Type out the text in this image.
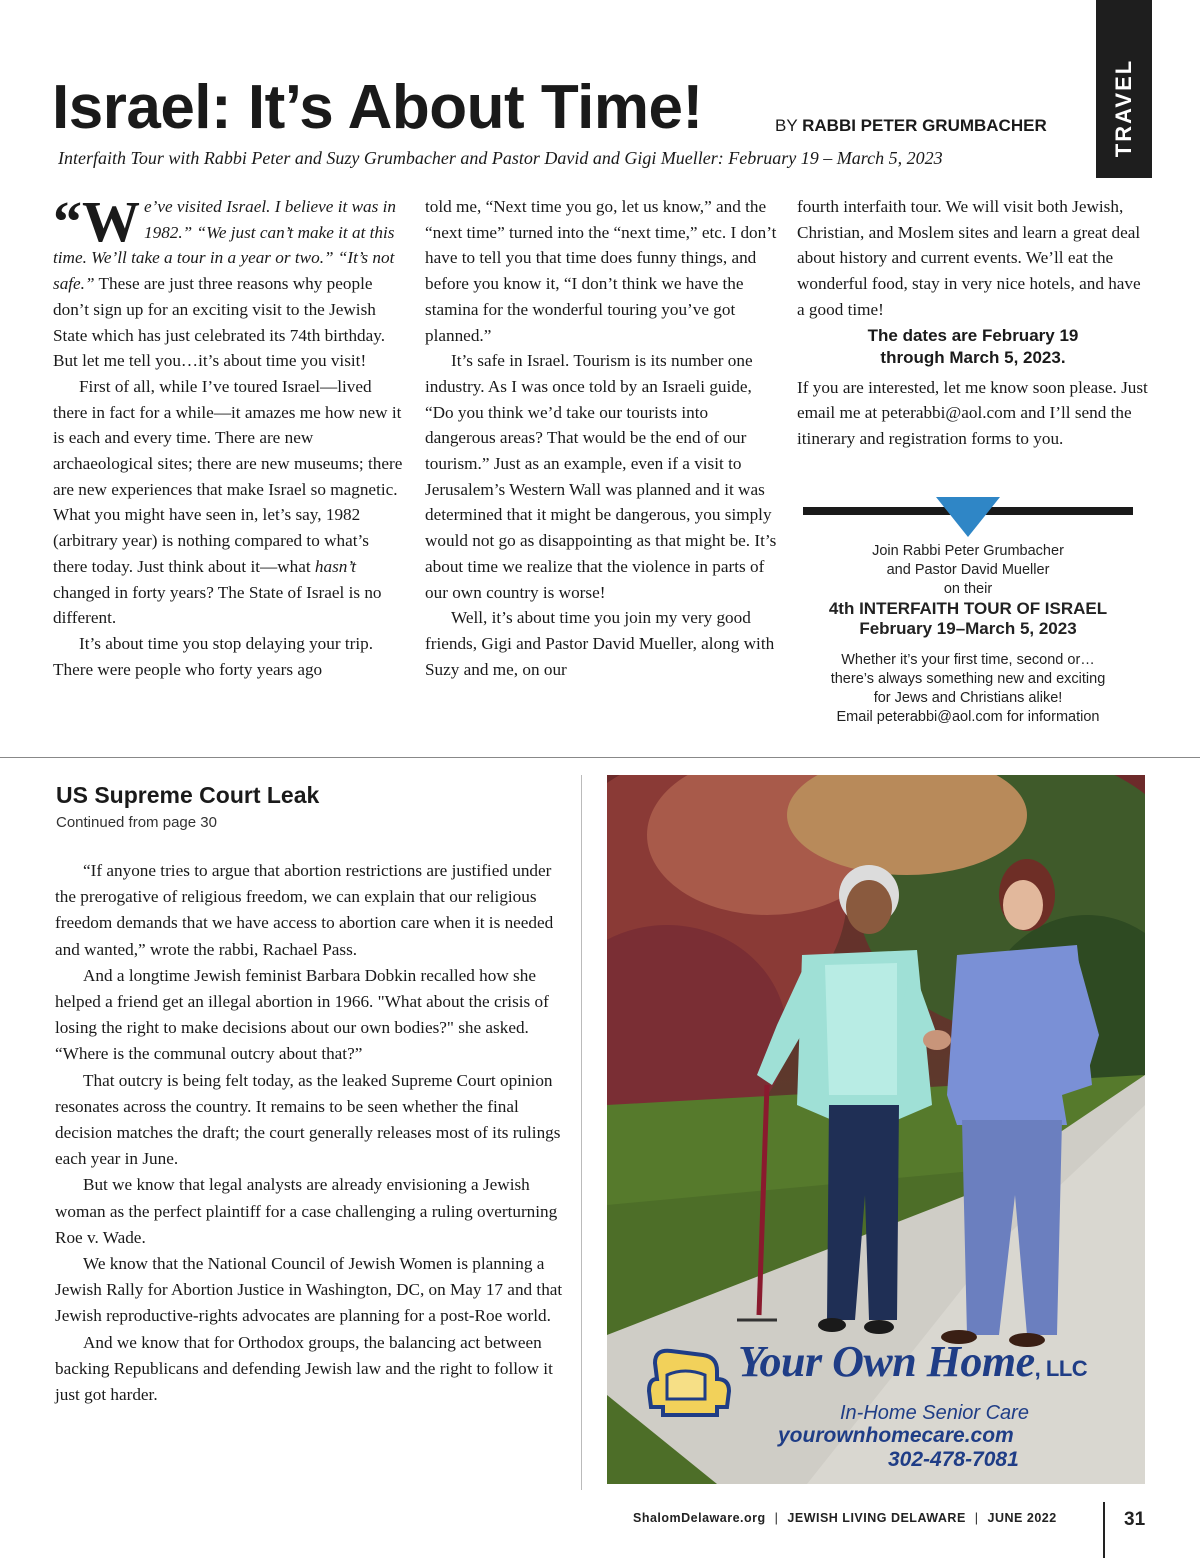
TRAVEL
Israel: It’s About Time!	BY RABBI PETER GRUMBACHER
Interfaith Tour with Rabbi Peter and Suzy Grumbacher and Pastor David and Gigi Mueller: February 19 – March 5, 2023

“We’ve visited Israel. I believe it was in 1982.” “We just can’t make it at this time. We’ll take a tour in a year or two.” “It’s not safe.” These are just three reasons why people don’t sign up for an exciting visit to the Jewish State which has just celebrated its 74th birthday. But let me tell you…it’s about time you visit!

First of all, while I’ve toured Israel—lived there in fact for a while—it amazes me how new it is each and every time. There are new archaeological sites; there are new museums; there are new experiences that make Israel so magnetic. What you might have seen in, let’s say, 1982 (arbitrary year) is nothing compared to what’s there today. Just think about it—what hasn’t changed in forty years? The State of Israel is no different.

It’s about time you stop delaying your trip. There were people who forty years ago

told me, “Next time you go, let us know,” and the “next time” turned into the “next time,” etc. I don’t have to tell you that time does funny things, and before you know it, “I don’t think we have the stamina for the wonderful touring you’ve got planned.”

It’s safe in Israel. Tourism is its number one industry. As I was once told by an Israeli guide, “Do you think we’d take our tourists into dangerous areas? That would be the end of our tourism.” Just as an example, even if a visit to Jerusalem’s Western Wall was planned and it was determined that it might be dangerous, you simply would not go as disappointing as that might be. It’s about time we realize that the violence in parts of our own country is worse!

Well, it’s about time you join my very good friends, Gigi and Pastor David Mueller, along with Suzy and me, on our

fourth interfaith tour. We will visit both Jewish, Christian, and Moslem sites and learn a great deal about history and current events. We’ll eat the wonderful food, stay in very nice hotels, and have a good time!

The dates are February 19
through March 5, 2023.

If you are interested, let me know soon please. Just email me at peterabbi@aol.com and I’ll send the itinerary and registration forms to you.

Join Rabbi Peter Grumbacher
and Pastor David Mueller
on their
4th INTERFAITH TOUR OF ISRAEL
February 19–March 5, 2023
Whether it’s your first time, second or…
there’s always something new and exciting
for Jews and Christians alike!
Email peterabbi@aol.com for information
US Supreme Court Leak
Continued from page 30

“If anyone tries to argue that abortion restrictions are justified under the prerogative of religious freedom, we can explain that our religious freedom demands that we have access to abortion care when it is needed and wanted,” wrote the rabbi, Rachael Pass.

And a longtime Jewish feminist Barbara Dobkin recalled how she helped a friend get an illegal abortion in 1966. "What about the crisis of losing the right to make decisions about our own bodies?" she asked. “Where is the communal outcry about that?”

That outcry is being felt today, as the leaked Supreme Court opinion resonates across the country. It remains to be seen whether the final decision matches the draft; the court generally releases most of its rulings each year in June.

But we know that legal analysts are already envisioning a Jewish woman as the perfect plaintiff for a case challenging a ruling overturning Roe v. Wade.

We know that the National Council of Jewish Women is planning a Jewish Rally for Abortion Justice in Washington, DC, on May 17 and that Jewish reproductive-rights advocates are planning for a post-Roe world.

And we know that for Orthodox groups, the balancing act between backing Republicans and defending Jewish law and the right to follow it just got harder.

Your Own Home, LLC
In-Home Senior Care
yourownhomecare.com
302-478-7081
ShalomDelaware.org | JEWISH LIVING DELAWARE | JUNE 2022	31
